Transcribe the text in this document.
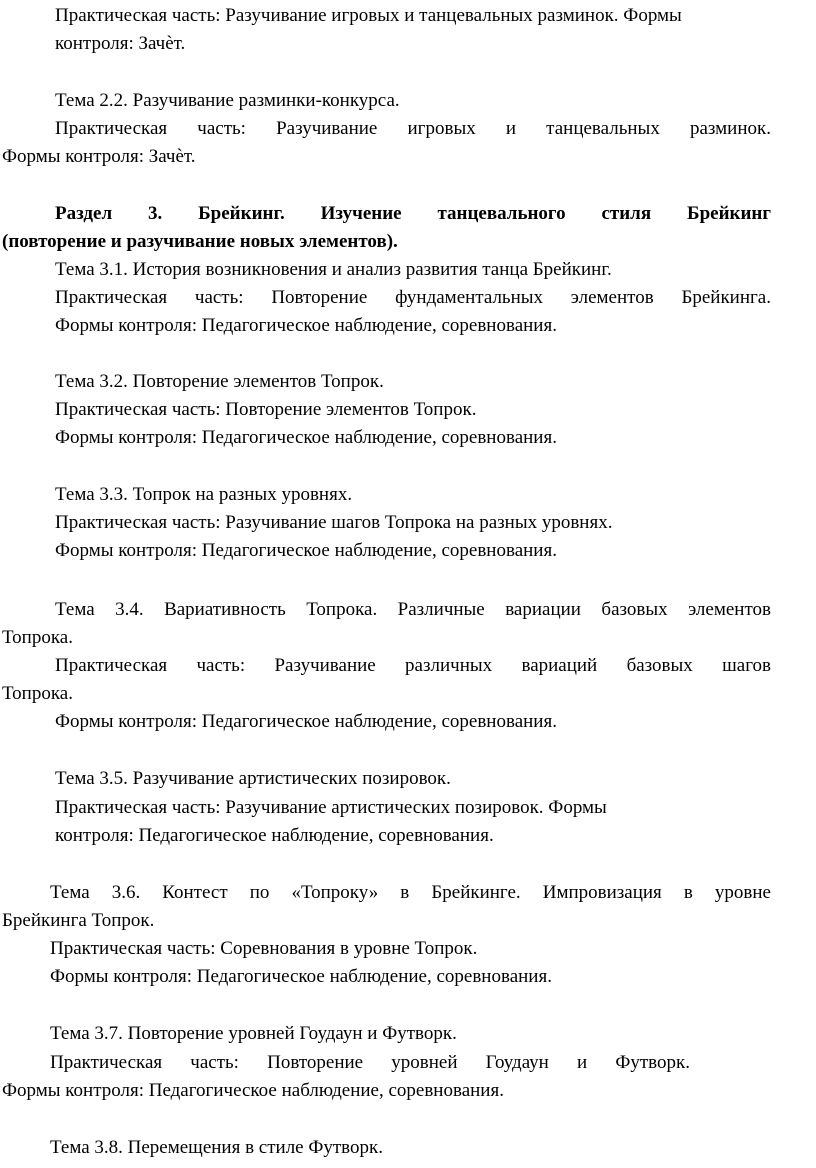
Практическая часть: Разучивание игровых и танцевальных разминок. Формы

контроля: Зачѐт.

Тема 2.2. Разучивание разминки-конкурса.

Практическая часть: Разучивание игровых и танцевальных разминок.

Формы контроля: Зачѐт.

Раздел 3. Брейкинг. Изучение танцевального стиля Брейкинг

(повторение и разучивание новых элементов).

Тема 3.1. История возникновения и анализ развития танца Брейкинг.

Практическая часть: Повторение фундаментальных элементов Брейкинга.

Формы контроля: Педагогическое наблюдение, соревнования.

Тема 3.2. Повторение элементов Топрок.

Практическая часть: Повторение элементов Топрок.

Формы контроля: Педагогическое наблюдение, соревнования.

Тема 3.3. Топрок на разных уровнях.

Практическая часть: Разучивание шагов Топрока на разных уровнях.

Формы контроля: Педагогическое наблюдение, соревнования.

Тема 3.4. Вариативность Топрока. Различные вариации базовых элементов

Топрока.

Практическая часть: Разучивание различных вариаций базовых шагов

Топрока.

Формы контроля: Педагогическое наблюдение, соревнования.

Тема 3.5. Разучивание артистических позировок.

Практическая часть: Разучивание артистических позировок. Формы

контроля: Педагогическое наблюдение, соревнования.

Тема 3.6. Контест по «Топроку» в Брейкинге. Импровизация в уровне

Брейкинга Топрок.

Практическая часть: Соревнования в уровне Топрок.

Формы контроля: Педагогическое наблюдение, соревнования.

Тема 3.7. Повторение уровней Гоудаун и Футворк.

Практическая часть: Повторение уровней Гоудаун и Футворк.

Формы контроля: Педагогическое наблюдение, соревнования.

Тема 3.8. Перемещения в стиле Футворк.
